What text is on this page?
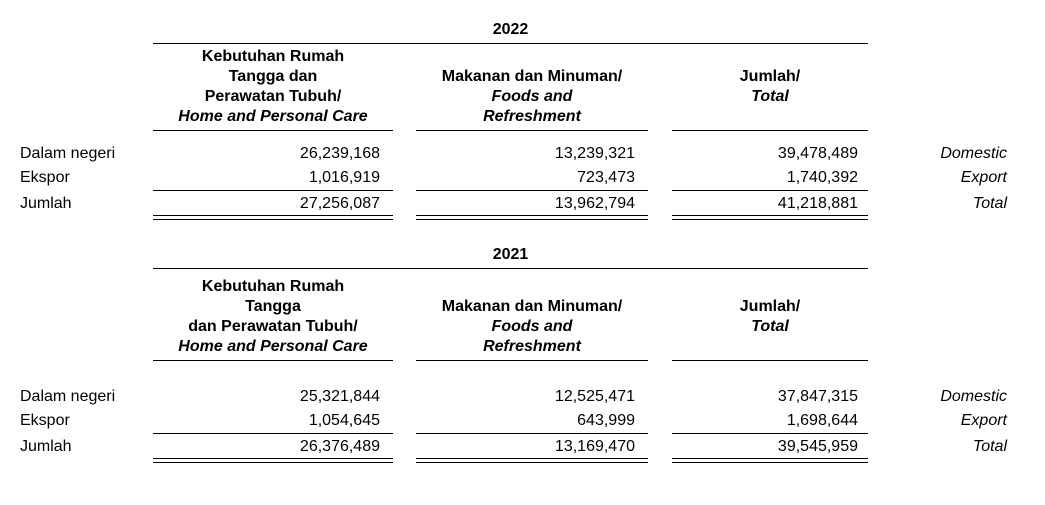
2022
Kebutuhan Rumah
Tangga dan
Perawatan Tubuh/
Home and Personal Care
Makanan dan Minuman/
Foods and
Refreshment
Jumlah/
Total
Dalam negeri	26,239,168	13,239,321	39,478,489	Domestic
Ekspor	1,016,919	723,473	1,740,392	Export
Jumlah	27,256,087	13,962,794	41,218,881	Total
2021
Kebutuhan Rumah
Tangga
dan Perawatan Tubuh/
Home and Personal Care
Makanan dan Minuman/
Foods and
Refreshment
Jumlah/
Total
Dalam negeri	25,321,844	12,525,471	37,847,315	Domestic
Ekspor	1,054,645	643,999	1,698,644	Export
Jumlah	26,376,489	13,169,470	39,545,959	Total
